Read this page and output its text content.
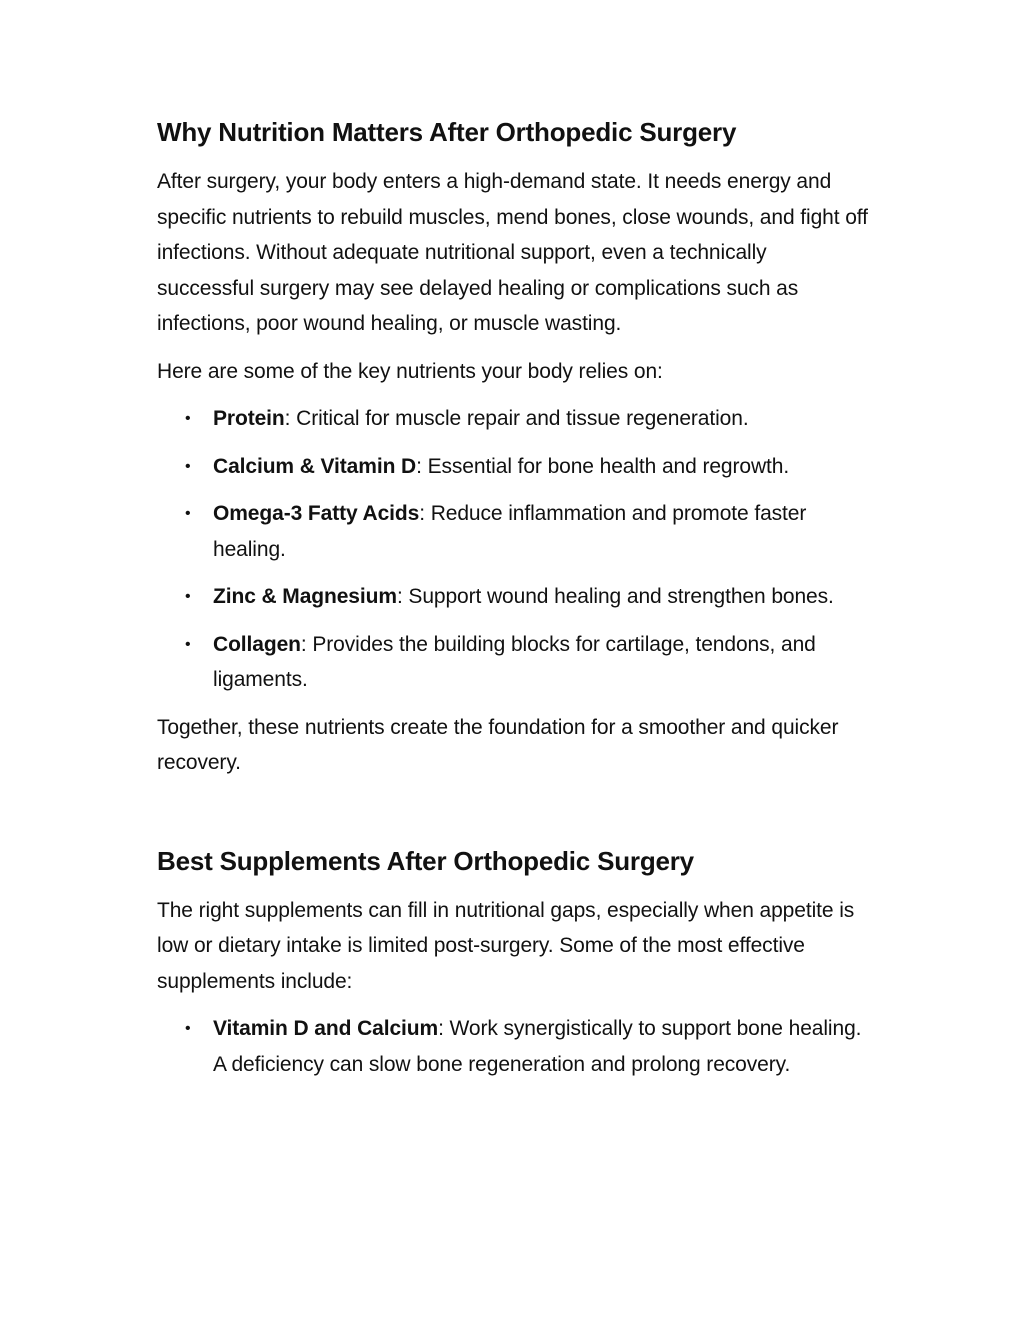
Why Nutrition Matters After Orthopedic Surgery

After surgery, your body enters a high-demand state. It needs energy and specific nutrients to rebuild muscles, mend bones, close wounds, and fight off infections. Without adequate nutritional support, even a technically successful surgery may see delayed healing or complications such as infections, poor wound healing, or muscle wasting.

Here are some of the key nutrients your body relies on:

• Protein: Critical for muscle repair and tissue regeneration.
• Calcium & Vitamin D: Essential for bone health and regrowth.
• Omega-3 Fatty Acids: Reduce inflammation and promote faster healing.
• Zinc & Magnesium: Support wound healing and strengthen bones.
• Collagen: Provides the building blocks for cartilage, tendons, and ligaments.

Together, these nutrients create the foundation for a smoother and quicker recovery.

Best Supplements After Orthopedic Surgery

The right supplements can fill in nutritional gaps, especially when appetite is low or dietary intake is limited post-surgery. Some of the most effective supplements include:

• Vitamin D and Calcium: Work synergistically to support bone healing. A deficiency can slow bone regeneration and prolong recovery.
